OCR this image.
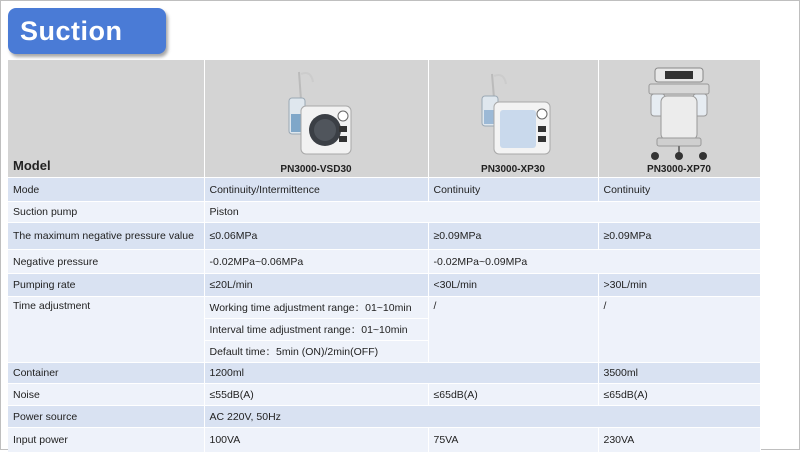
Suction
Model	PN3000-VSD30	PN3000-XP30	PN3000-XP70

Mode	Continuity/Intermittence	Continuity	Continuity
Suction pump	Piston		
The maximum negative pressure value	≤0.06MPa	≥0.09MPa	≥0.09MPa
Negative pressure	-0.02MPa~0.06MPa	-0.02MPa~0.09MPa	
Pumping rate	≤20L/min	<30L/min	>30L/min
Time adjustment	Working time adjustment range：01~10min	/	/
	Interval time adjustment range：01~10min		
	Default time：5min (ON)/2min(OFF)		
Container	1200ml		3500ml
Noise	≤55dB(A)	≤65dB(A)	≤65dB(A)
Power source	AC 220V, 50Hz		
Input power	100VA	75VA	230VA
